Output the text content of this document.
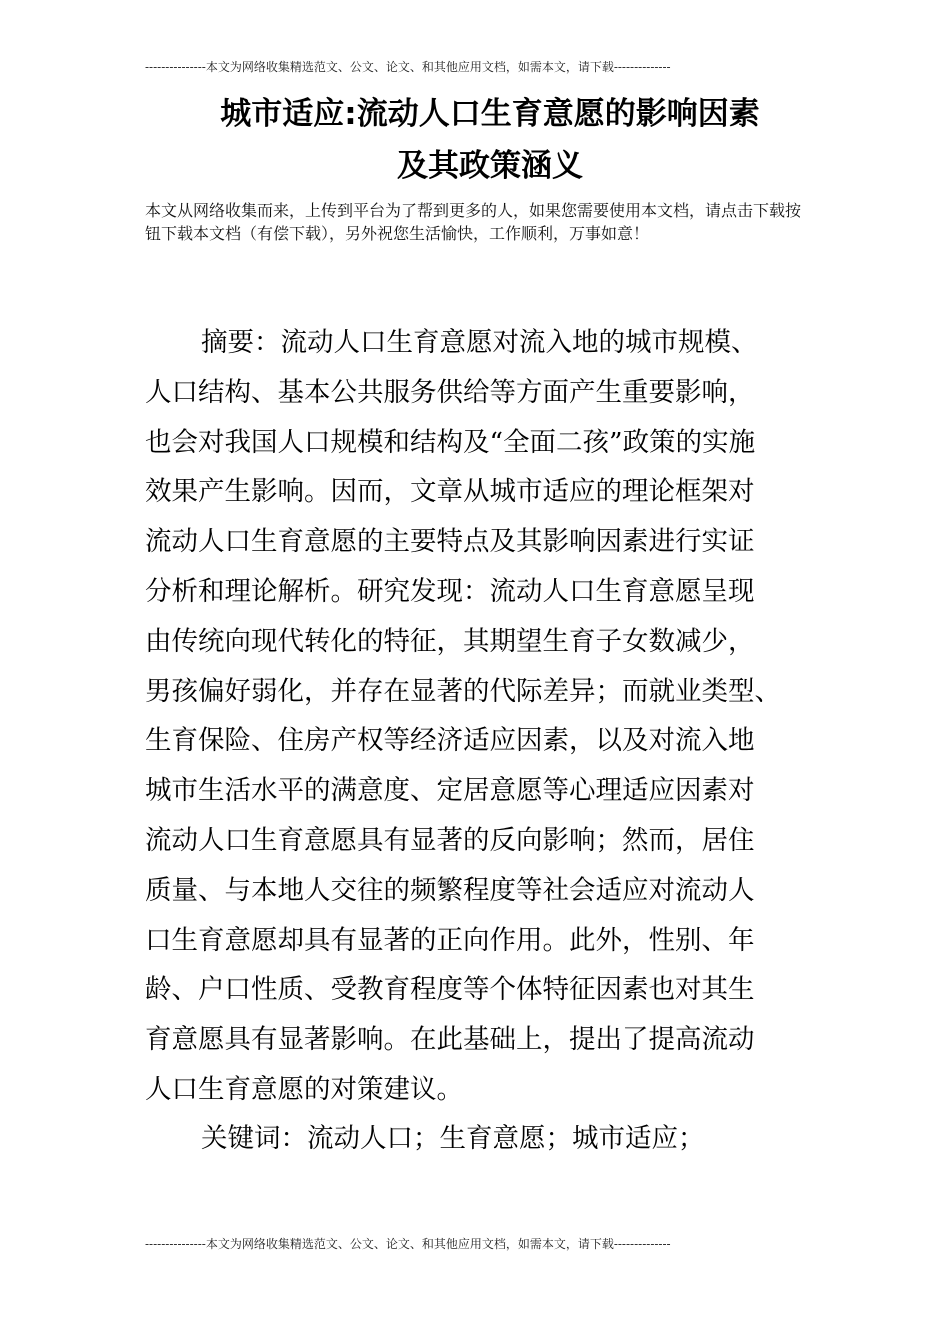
---------------本文为网络收集精选范文、公文、论文、和其他应用文档，如需本文，请下载--------------
城市适应:流动人口生育意愿的影响因素
及其政策涵义

本文从网络收集而来，上传到平台为了帮到更多的人，如果您需要使用本文档，请点击下载按钮下载本文档（有偿下载），另外祝您生活愉快，工作顺利，万事如意！

摘要：流动人口生育意愿对流入地的城市规模、
人口结构、基本公共服务供给等方面产生重要影响，
也会对我国人口规模和结构及“全面二孩”政策的实施
效果产生影响。因而，文章从城市适应的理论框架对
流动人口生育意愿的主要特点及其影响因素进行实证
分析和理论解析。研究发现：流动人口生育意愿呈现
由传统向现代转化的特征，其期望生育子女数减少，
男孩偏好弱化，并存在显著的代际差异；而就业类型、
生育保险、住房产权等经济适应因素，以及对流入地
城市生活水平的满意度、定居意愿等心理适应因素对
流动人口生育意愿具有显著的反向影响；然而，居住
质量、与本地人交往的频繁程度等社会适应对流动人
口生育意愿却具有显著的正向作用。此外，性别、年
龄、户口性质、受教育程度等个体特征因素也对其生
育意愿具有显著影响。在此基础上，提出了提高流动
人口生育意愿的对策建议。

关键词：流动人口；生育意愿；城市适应；

---------------本文为网络收集精选范文、公文、论文、和其他应用文档，如需本文，请下载--------------
